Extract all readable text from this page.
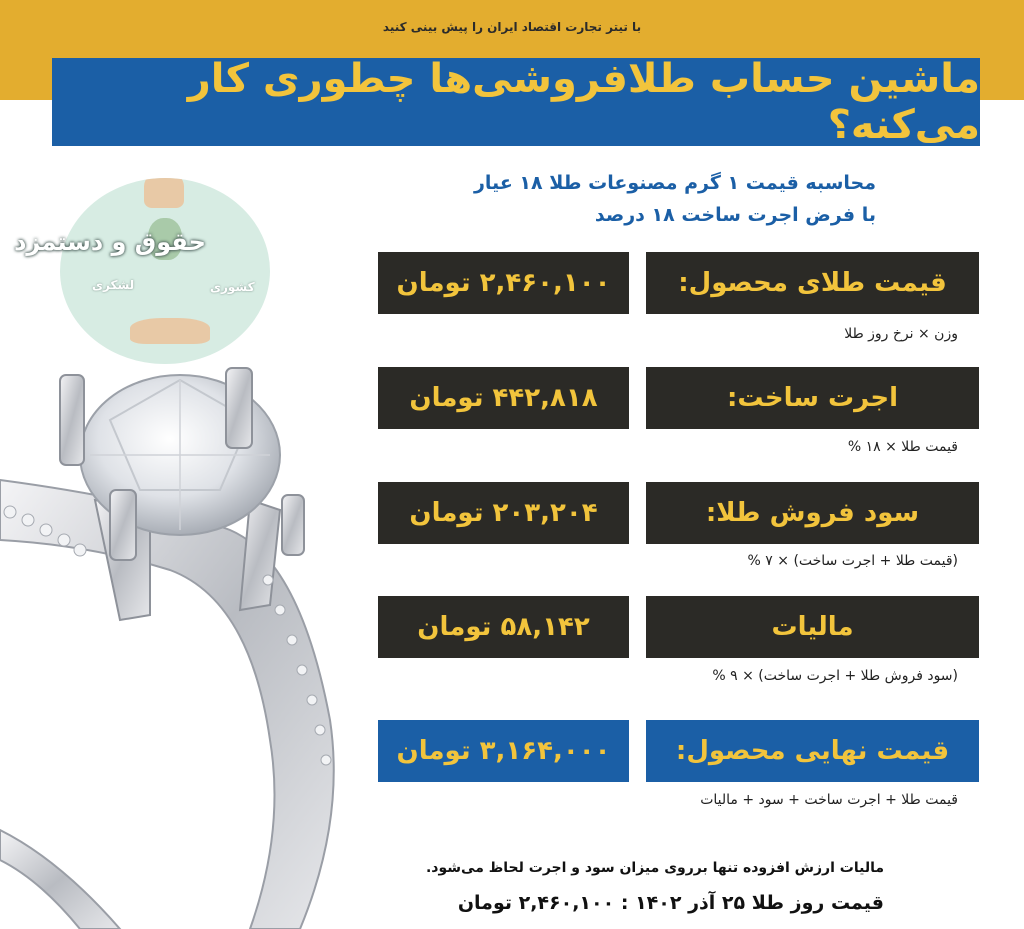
با تیتر تجارت اقتصاد ایران را پیش بینی کنید
ماشین حساب طلافروشی‌ها چطوری کار می‌کنه؟
محاسبه قیمت ۱ گرم مصنوعات طلا ۱۸ عیار
با فرض اجرت ساخت ۱۸ درصد
لشکری	کشوری
حقوق و دستمزد
قیمت طلای محصول:
۲,۴۶۰,۱۰۰ تومان
وزن × نرخ روز طلا
اجرت ساخت:
۴۴۲,۸۱۸ تومان
قیمت طلا × ۱۸ %
سود فروش طلا:
۲۰۳,۲۰۴ تومان
(قیمت طلا + اجرت ساخت) × ۷ %
مالیات
۵۸,۱۴۲ تومان
(سود فروش طلا + اجرت ساخت) × ۹ %
قیمت نهایی محصول:
۳,۱۶۴,۰۰۰ تومان
قیمت طلا + اجرت ساخت + سود + مالیات
مالیات ارزش افزوده تنها برروی میزان سود و اجرت لحاظ می‌شود.
قیمت روز طلا ۲۵ آذر ۱۴۰۲ : ۲,۴۶۰,۱۰۰ تومان
